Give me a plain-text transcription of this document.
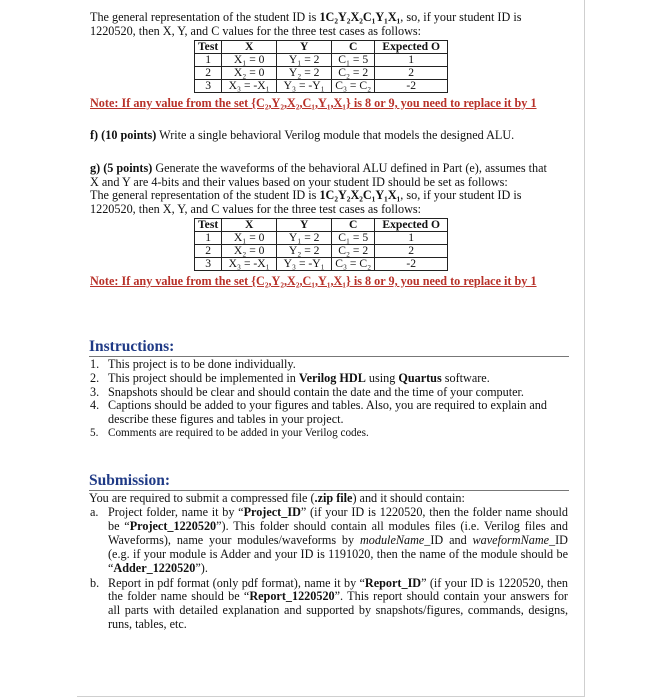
The general representation of the student ID is 1C₂Y₂X₂C₁Y₁X₁, so, if your student ID is
1220520, then X, Y, and C values for the three test cases as follows:
Test	X	Y	C	Expected O
1	X₁ = 0	Y₁ = 2	C₁ = 5	1
2	X₂ = 0	Y₂ = 2	C₂ = 2	2
3	X₃ = -X₁	Y₃ = -Y₁	C₃ = C₂	-2
Note: If any value from the set {C₂,Y₂,X₂,C₁,Y₁,X₁} is 8 or 9, you need to replace it by 1
f) (10 points) Write a single behavioral Verilog module that models the designed ALU.
g) (5 points) Generate the waveforms of the behavioral ALU defined in Part (e), assumes that
X and Y are 4-bits and their values based on your student ID should be set as follows:
The general representation of the student ID is 1C₂Y₂X₂C₁Y₁X₁, so, if your student ID is
1220520, then X, Y, and C values for the three test cases as follows:
Test	X	Y	C	Expected O
1	X₁ = 0	Y₁ = 2	C₁ = 5	1
2	X₂ = 0	Y₂ = 2	C₂ = 2	2
3	X₃ = -X₁	Y₃ = -Y₁	C₃ = C₂	-2
Note: If any value from the set {C₂,Y₂,X₂,C₁,Y₁,X₁} is 8 or 9, you need to replace it by 1
Instructions:
1. This project is to be done individually.
2. This project should be implemented in Verilog HDL using Quartus software.
3. Snapshots should be clear and should contain the date and the time of your computer.
4. Captions should be added to your figures and tables. Also, you are required to explain and describe these figures and tables in your project.
5. Comments are required to be added in your Verilog codes.
Submission:
You are required to submit a compressed file (.zip file) and it should contain:
a. Project folder, name it by “Project_ID” (if your ID is 1220520, then the folder name should be “Project_1220520”). This folder should contain all modules files (i.e. Verilog files and Waveforms), name your modules/waveforms by moduleName_ID and waveformName_ID (e.g. if your module is Adder and your ID is 1191020, then the name of the module should be “Adder_1220520”).
b. Report in pdf format (only pdf format), name it by “Report_ID” (if your ID is 1220520, then the folder name should be “Report_1220520”. This report should contain your answers for all parts with detailed explanation and supported by snapshots/figures, commands, designs, runs, tables, etc.
